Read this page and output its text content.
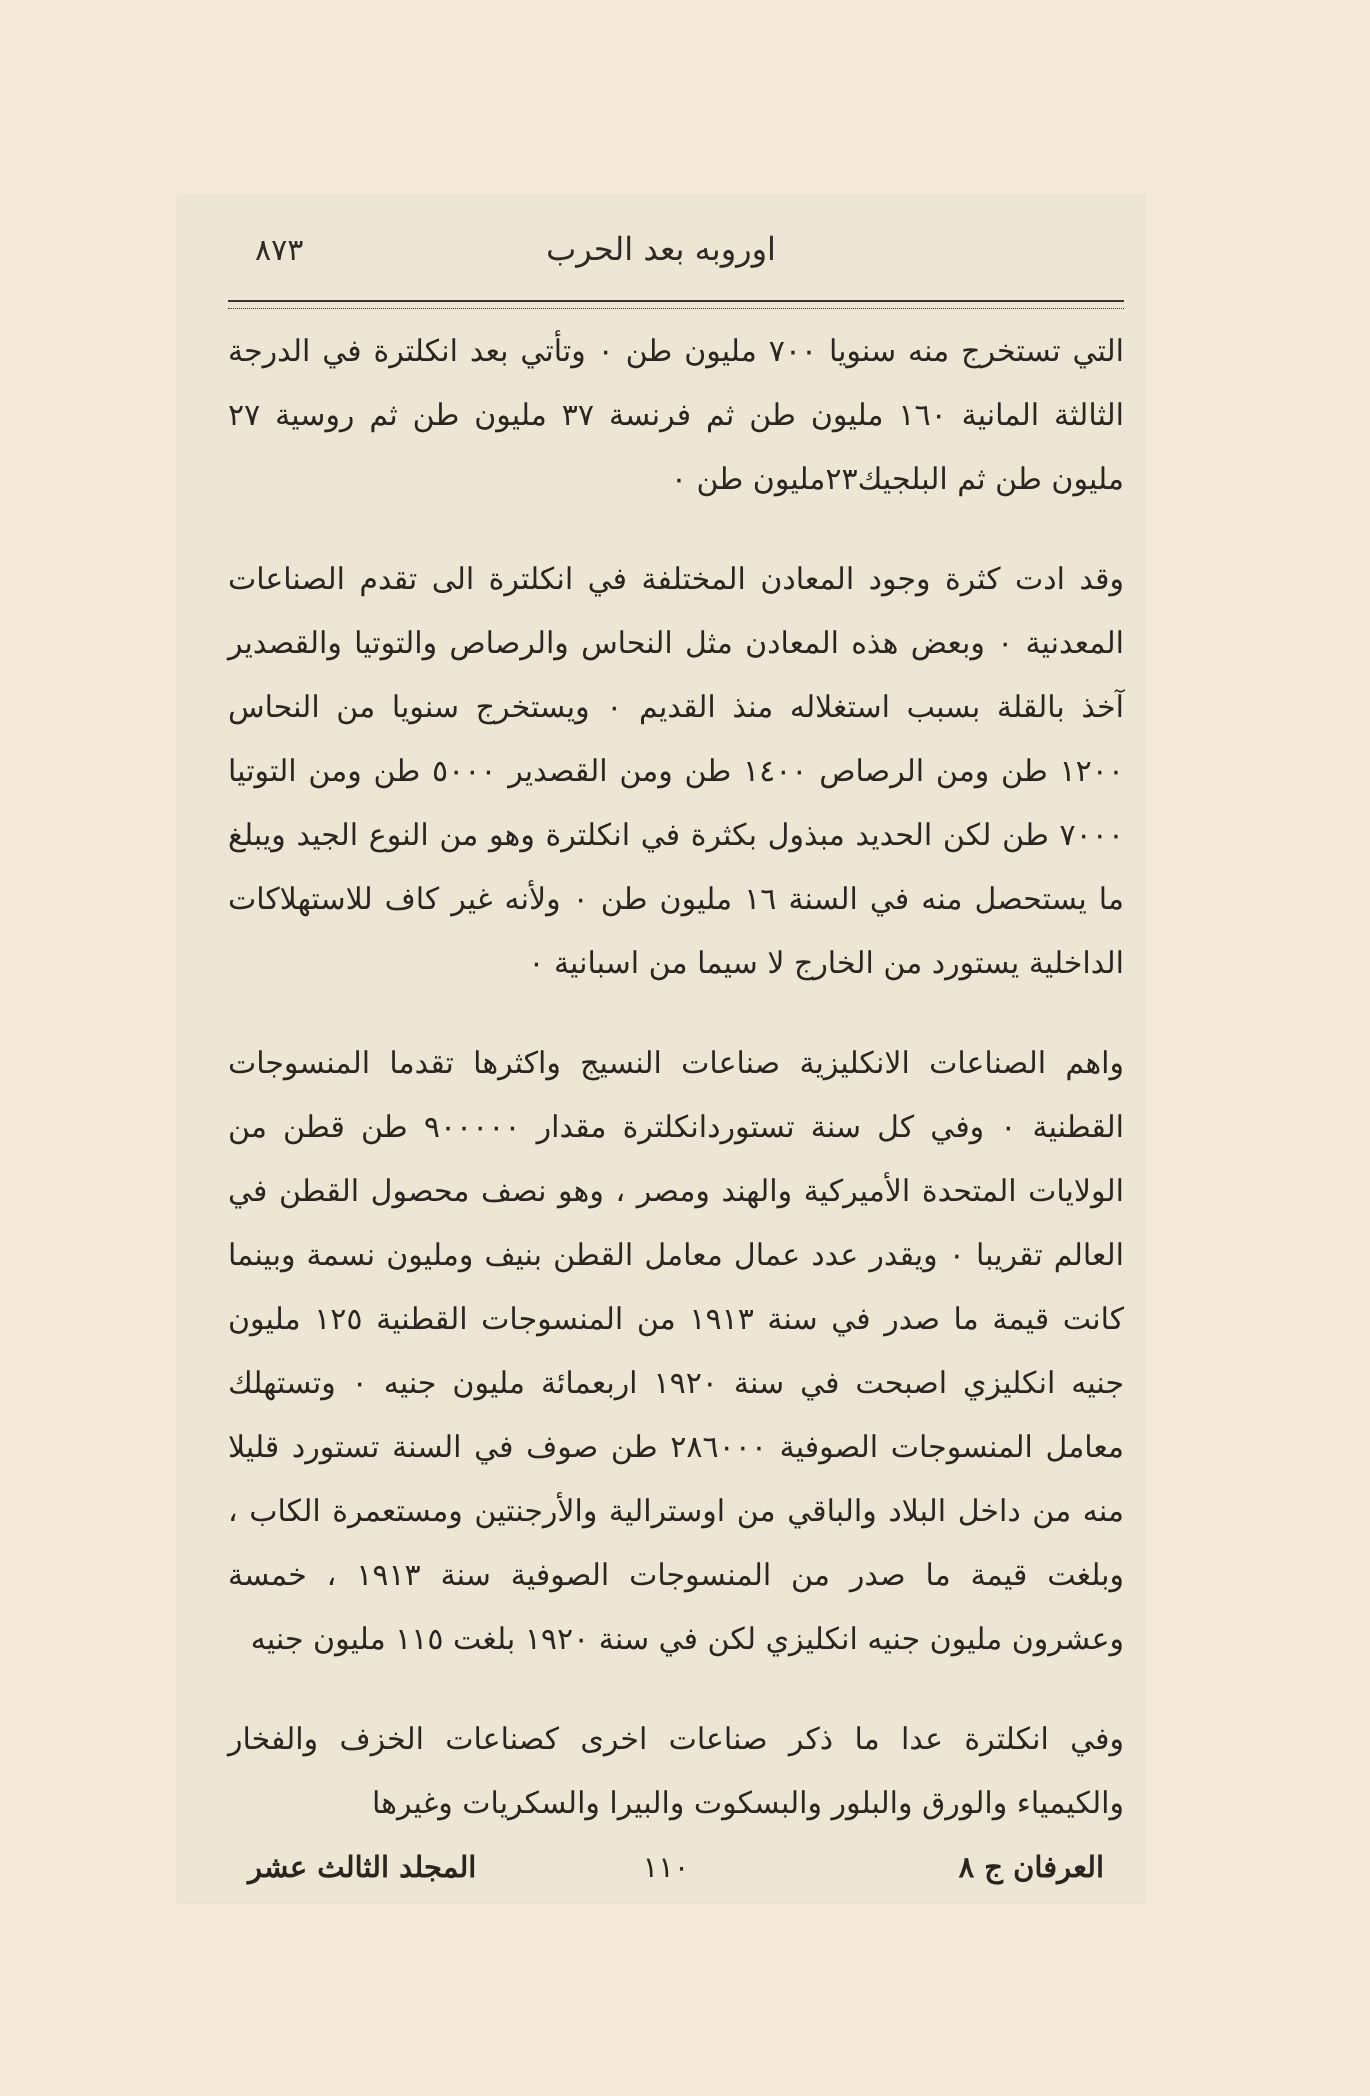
٨٧٣	اوروبه بعد الحرب

التي تستخرج منه سنويا ٧٠٠ مليون طن ٠ وتأتي بعد انكلترة في الدرجة الثالثة المانية ١٦٠ مليون طن ثم فرنسة ٣٧ مليون طن ثم روسية ٢٧ مليون طن ثم البلجيك٢٣مليون طن ٠

وقد ادت كثرة وجود المعادن المختلفة في انكلترة الى تقدم الصناعات المعدنية ٠ وبعض هذه المعادن مثل النحاس والرصاص والتوتيا والقصدير آخذ بالقلة بسبب استغلاله منذ القديم ٠ ويستخرج سنويا من النحاس ١٢٠٠ طن ومن الرصاص ١٤٠٠ طن ومن القصدير ٥٠٠٠ طن ومن التوتيا ٧٠٠٠ طن لكن الحديد مبذول بكثرة في انكلترة وهو من النوع الجيد ويبلغ ما يستحصل منه في السنة ١٦ مليون طن ٠ ولأنه غير كاف للاستهلاكات الداخلية يستورد من الخارج لا سيما من اسبانية ٠

واهم الصناعات الانكليزية صناعات النسيج واكثرها تقدما المنسوجات القطنية ٠ وفي كل سنة تستوردانكلترة مقدار ٩٠٠٠٠٠ طن قطن من الولايات المتحدة الأميركية والهند ومصر ، وهو نصف محصول القطن في العالم تقريبا ٠ ويقدر عدد عمال معامل القطن بنيف ومليون نسمة وبينما كانت قيمة ما صدر في سنة ١٩١٣ من المنسوجات القطنية ١٢٥ مليون جنيه انكليزي اصبحت في سنة ١٩٢٠ اربعمائة مليون جنيه ٠ وتستهلك معامل المنسوجات الصوفية ٢٨٦٠٠٠ طن صوف في السنة تستورد قليلا منه من داخل البلاد والباقي من اوسترالية والأرجنتين ومستعمرة الكاب ، وبلغت قيمة ما صدر من المنسوجات الصوفية سنة ١٩١٣ ، خمسة وعشرون مليون جنيه انكليزي لكن في سنة ١٩٢٠ بلغت ١١٥ مليون جنيه

وفي انكلترة عدا ما ذكر صناعات اخرى كصناعات الخزف والفخار والكيمياء والورق والبلور والبسكوت والبيرا والسكريات وغيرها

العرفان ج ٨
١١٠
المجلد الثالث عشر
